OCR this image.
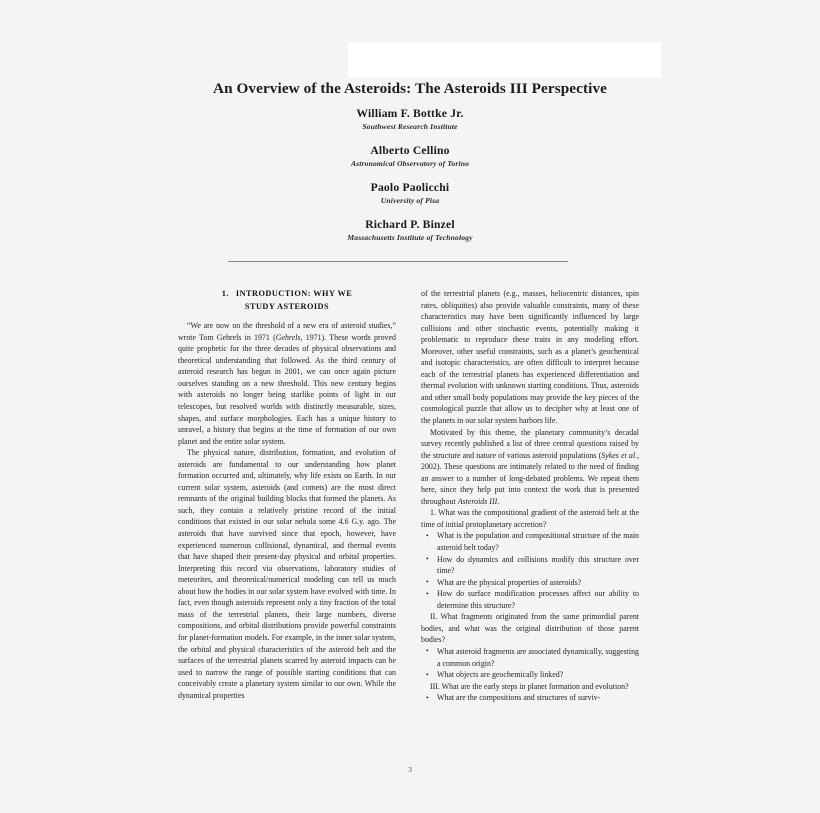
An Overview of the Asteroids: The Asteroids III Perspective
William F. Bottke Jr.
Southwest Research Institute
Alberto Cellino
Astronomical Observatory of Torino
Paolo Paolicchi
University of Pisa
Richard P. Binzel
Massachusetts Institute of Technology
1. INTRODUCTION: WHY WE
STUDY ASTEROIDS

“We are now on the threshold of a new era of asteroid studies,” wrote Tom Gehrels in 1971 (Gehrels, 1971). These words proved quite prophetic for the three decades of physical observations and theoretical understanding that followed. As the third century of asteroid research has begun in 2001, we can once again picture ourselves standing on a new threshold. This new century begins with asteroids no longer being starlike points of light in our telescopes, but resolved worlds with distinctly measurable, sizes, shapes, and surface morphologies. Each has a unique history to unravel, a history that begins at the time of formation of our own planet and the entire solar system.

The physical nature, distribution, formation, and evolution of asteroids are fundamental to our understanding how planet formation occurred and, ultimately, why life exists on Earth. In our current solar system, asteroids (and comets) are the most direct remnants of the original building blocks that formed the planets. As such, they contain a relatively pristine record of the initial conditions that existed in our solar nebula some 4.6 G.y. ago. The asteroids that have survived since that epoch, however, have experienced numerous collisional, dynamical, and thermal events that have shaped their present-day physical and orbital properties. Interpreting this record via observations, laboratory studies of meteorites, and theoretical/numerical modeling can tell us much about how the bodies in our solar system have evolved with time. In fact, even though asteroids represent only a tiny fraction of the total mass of the terrestrial planets, their large numbers, diverse compositions, and orbital distributions provide powerful constraints for planet-formation models. For example, in the inner solar system, the orbital and physical characteristics of the asteroid belt and the surfaces of the terrestrial planets scarred by asteroid impacts can be used to narrow the range of possible starting conditions that can conceivably create a planetary system similar to our own. While the dynamical properties

of the terrestrial planets (e.g., masses, heliocentric distances, spin rates, obliquities) also provide valuable constraints, many of these characteristics may have been significantly influenced by large collisions and other stochastic events, potentially making it problematic to reproduce these traits in any modeling effort. Moreover, other useful constraints, such as a planet’s geochemical and isotopic characteristics, are often difficult to interpret because each of the terrestrial planets has experienced differentiation and thermal evolution with unknown starting conditions. Thus, asteroids and other small body populations may provide the key pieces of the cosmological puzzle that allow us to decipher why at least one of the planets in our solar system harbors life.

Motivated by this theme, the planetary community’s decadal survey recently published a list of three central questions raised by the structure and nature of various asteroid populations (Sykes et al., 2002). These questions are intimately related to the need of finding an answer to a number of long-debated problems. We repeat them here, since they help put into context the work that is presented throughout Asteroids III.

1. What was the compositional gradient of the asteroid belt at the time of initial protoplanetary accretion?

• What is the population and compositional structure of the main asteroid belt today?
• How do dynamics and collisions modify this structure over time?
• What are the physical properties of asteroids?
• How do surface modification processes affect our ability to determine this structure?

II. What fragments originated from the same primordial parent bodies, and what was the original distribution of those parent bodies?

• What asteroid fragments are associated dynamically, suggesting a common origin?
• What objects are geochemically linked?

III. What are the early steps in planet formation and evolution?

• What are the compositions and structures of surviv-
3
